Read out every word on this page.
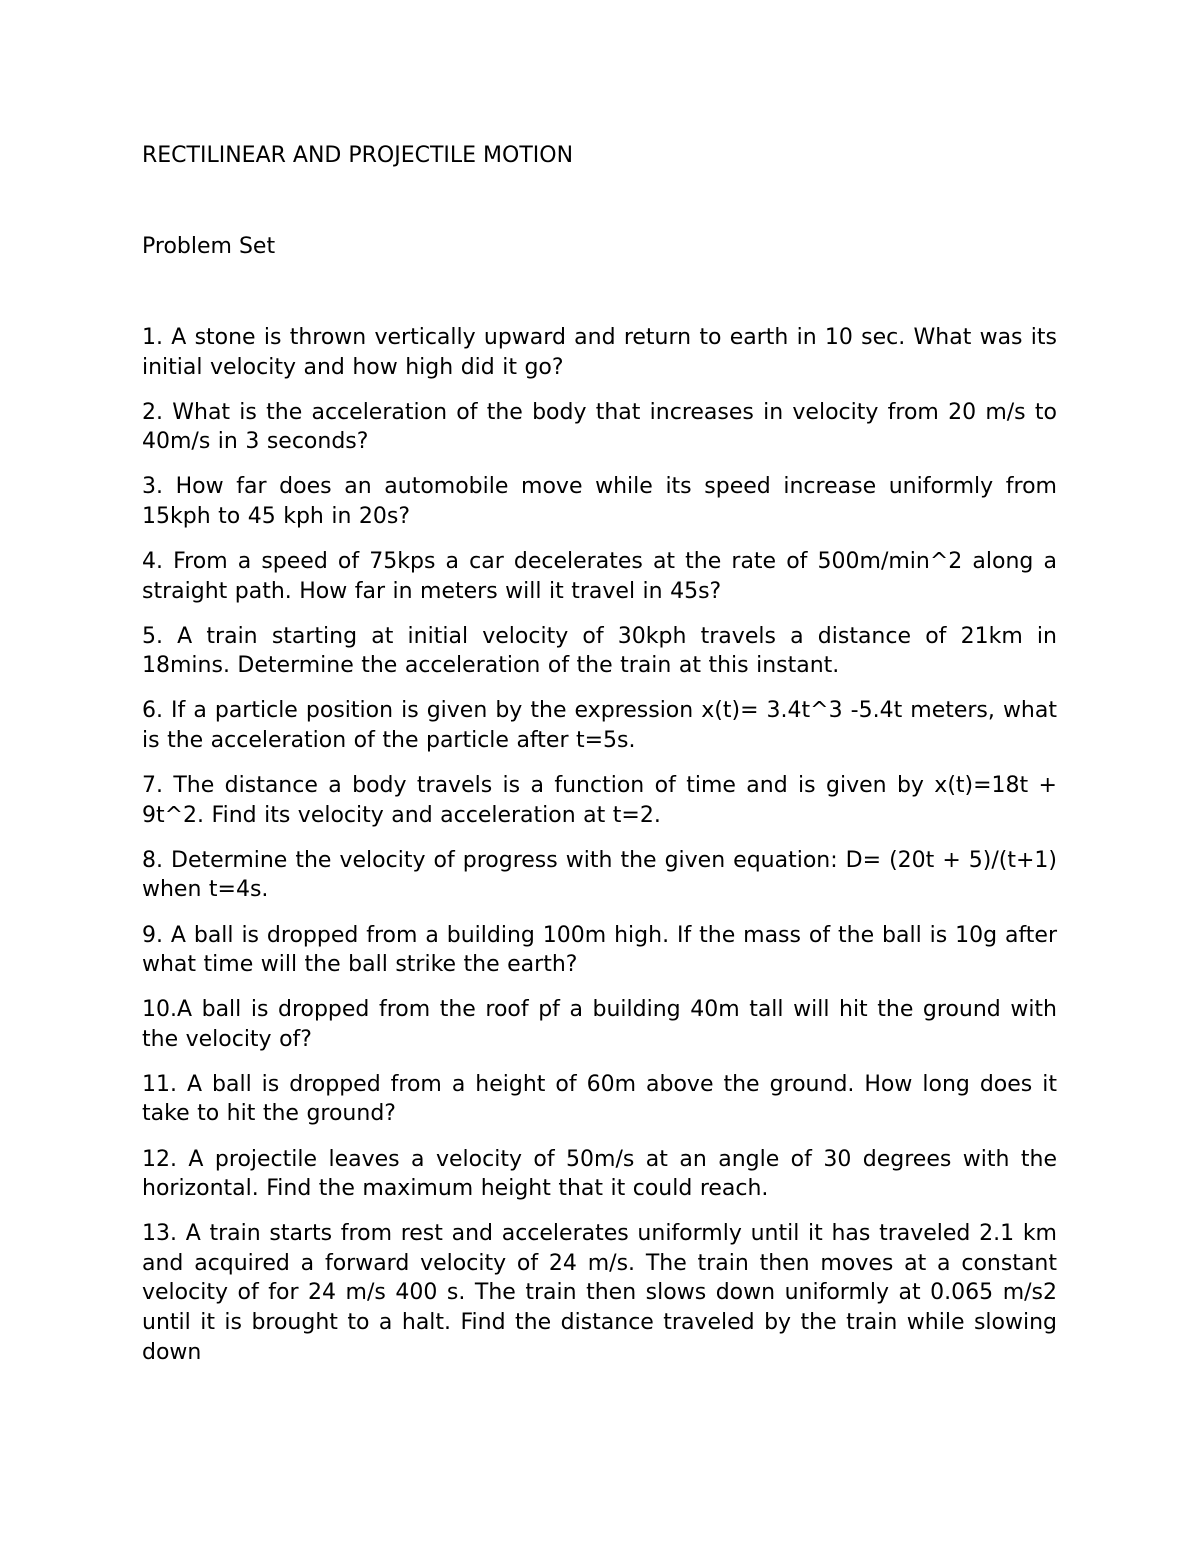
RECTILINEAR AND PROJECTILE MOTION
Problem Set
1. A stone is thrown vertically upward and return to earth in 10 sec. What was its initial velocity and how high did it go?
2. What is the acceleration of the body that increases in velocity from 20 m/s to 40m/s in 3 seconds?
3. How far does an automobile move while its speed increase uniformly from 15kph to 45 kph in 20s?
4. From a speed of 75kps a car decelerates at the rate of 500m/min^2 along a straight path. How far in meters will it travel in 45s?
5. A train starting at initial velocity of 30kph travels a distance of 21km in 18mins. Determine the acceleration of the train at this instant.
6. If a particle position is given by the expression x(t)= 3.4t^3 -5.4t meters, what is the acceleration of the particle after t=5s.
7. The distance a body travels is a function of time and is given by x(t)=18t + 9t^2. Find its velocity and acceleration at t=2.
8. Determine the velocity of progress with the given equation: D= (20t + 5)/(t+1) when t=4s.
9. A ball is dropped from a building 100m high. If the mass of the ball is 10g after what time will the ball strike the earth?
10.A ball is dropped from the roof pf a building 40m tall will hit the ground with the velocity of?
11. A ball is dropped from a height of 60m above the ground. How long does it take to hit the ground?
12. A projectile leaves a velocity of 50m/s at an angle of 30 degrees with the horizontal. Find the maximum height that it could reach.
13. A train starts from rest and accelerates uniformly until it has traveled 2.1 km and acquired a forward velocity of 24 m/s. The train then moves at a constant velocity of for 24 m/s 400 s. The train then slows down uniformly at 0.065 m/s2 until it is brought to a halt. Find the distance traveled by the train while slowing down
